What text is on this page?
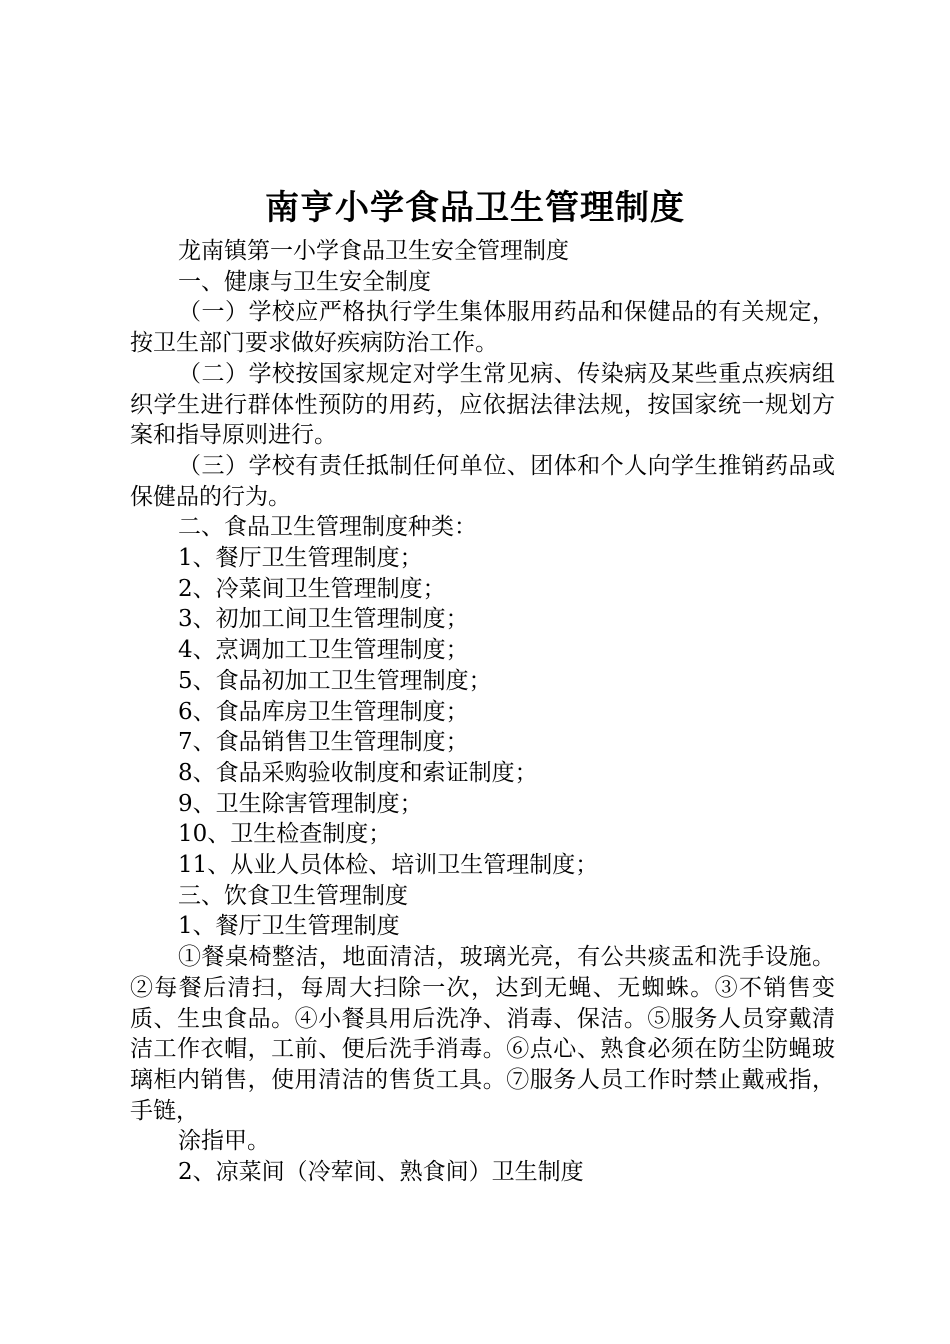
南亨小学食品卫生管理制度

龙南镇第一小学食品卫生安全管理制度

一、健康与卫生安全制度

（一）学校应严格执行学生集体服用药品和保健品的有关规定，按卫生部门要求做好疾病防治工作。

（二）学校按国家规定对学生常见病、传染病及某些重点疾病组织学生进行群体性预防的用药，应依据法律法规，按国家统一规划方案和指导原则进行。

（三）学校有责任抵制任何单位、团体和个人向学生推销药品或保健品的行为。

二、食品卫生管理制度种类：

1、餐厅卫生管理制度；

2、冷菜间卫生管理制度；

3、初加工间卫生管理制度；

4、烹调加工卫生管理制度；

5、食品初加工卫生管理制度；

6、食品库房卫生管理制度；

7、食品销售卫生管理制度；

8、食品采购验收制度和索证制度；

9、卫生除害管理制度；

10、卫生检查制度；

11、从业人员体检、培训卫生管理制度；

三、饮食卫生管理制度

1、餐厅卫生管理制度

①餐桌椅整洁，地面清洁，玻璃光亮，有公共痰盂和洗手设施。②每餐后清扫，每周大扫除一次，达到无蝇、无蜘蛛。③不销售变质、生虫食品。④小餐具用后洗净、消毒、保洁。⑤服务人员穿戴清洁工作衣帽，工前、便后洗手消毒。⑥点心、熟食必须在防尘防蝇玻璃柜内销售，使用清洁的售货工具。⑦服务人员工作时禁止戴戒指，手链，

涂指甲。

2、凉菜间（冷荤间、熟食间）卫生制度
